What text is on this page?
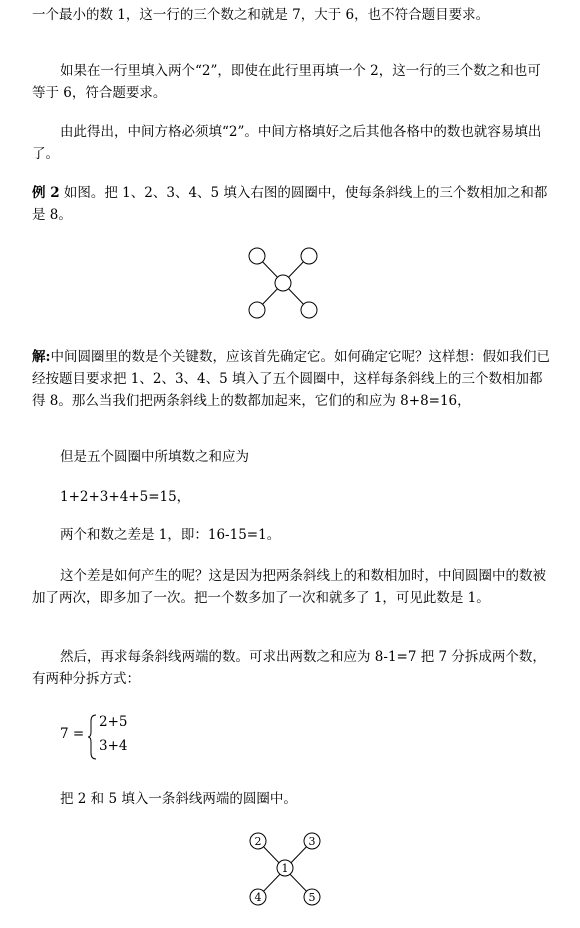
一个最小的数 1，这一行的三个数之和就是 7，大于 6，也不符合题目要求。

如果在一行里填入两个“2”，即使在此行里再填一个 2，这一行的三个数之和也可等于 6，符合题要求。

由此得出，中间方格必须填“2”。中间方格填好之后其他各格中的数也就容易填出了。

例 2 如图。把 1、2、3、4、5 填入右图的圆圈中，使每条斜线上的三个数相加之和都是 8。

解:中间圆圈里的数是个关键数，应该首先确定它。如何确定它呢？这样想：假如我们已经按题目要求把 1、2、3、4、5 填入了五个圆圈中，这样每条斜线上的三个数相加都得 8。那么当我们把两条斜线上的数都加起来，它们的和应为 8+8=16，

但是五个圆圈中所填数之和应为

1+2+3+4+5=15，

两个和数之差是 1，即：16-15=1。

这个差是如何产生的呢？这是因为把两条斜线上的和数相加时，中间圆圈中的数被加了两次，即多加了一次。把一个数多加了一次和就多了 1，可见此数是 1。

然后，再求每条斜线两端的数。可求出两数之和应为 8-1=7 把 7 分拆成两个数，有两种分拆方式：

7 =
2+5
3+4

把 2 和 5 填入一条斜线两端的圆圈中。

2	3
1
4	5
